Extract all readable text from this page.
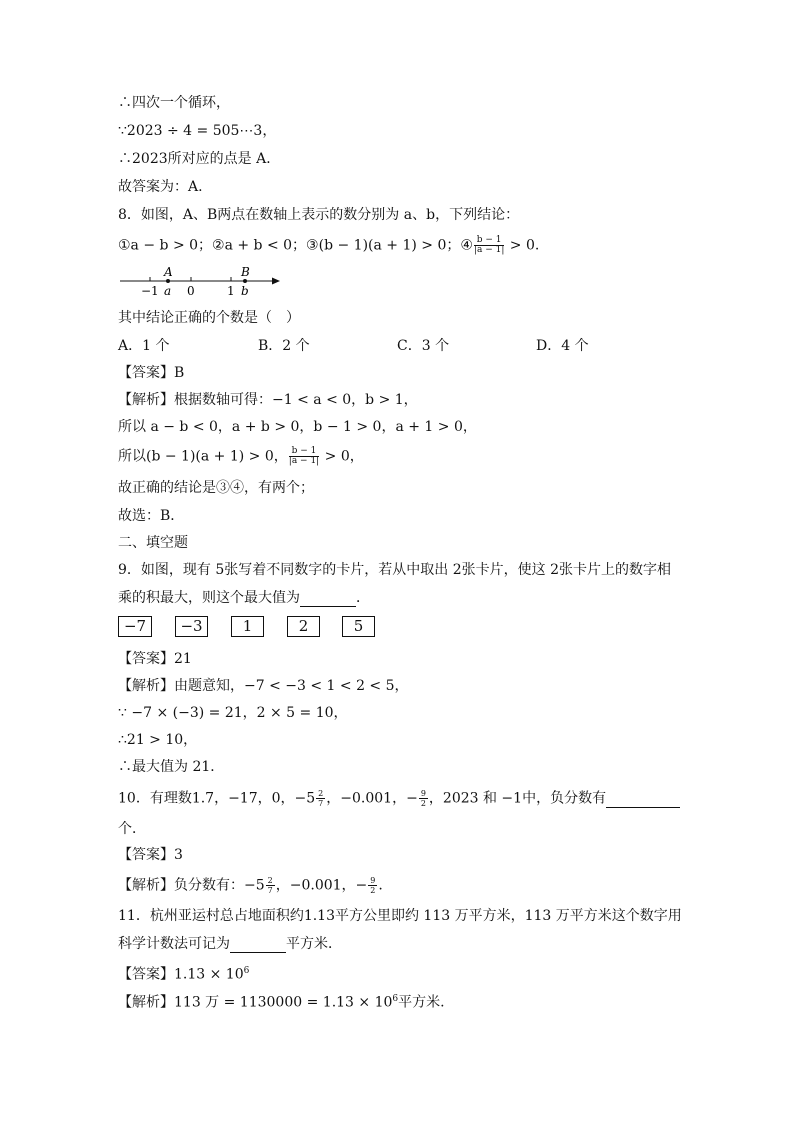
∴四次一个循环，
∵2023 ÷ 4 = 505⋯3，
∴2023所对应的点是 A．
故答案为：A.
8．如图，A、B两点在数轴上表示的数分别为 a、b，下列结论：
①a − b > 0；②a + b < 0；③(b − 1)(a + 1) > 0；④ $\frac{b - 1}{|a - 1|} > 0$.
A	B
−1 a 0	1 b
其中结论正确的个数是（　）
A．1 个	B．2 个	C．3 个	D．4 个
【答案】B
【解析】根据数轴可得：−1 < a < 0，b > 1，
所以 a − b < 0，a + b > 0，b − 1 > 0，a + 1 > 0，
所以(b − 1)(a + 1) > 0， $\frac{b - 1}{|a - 1|} > 0$，
故正确的结论是③④，有两个；
故选：B．
二、填空题
9．如图，现有 5张写着不同数字的卡片，若从中取出 2张卡片，使这 2张卡片上的数字相
乘的积最大，则这个最大值为	．
−7	−3	1	2	5
【答案】21
【解析】由题意知，−7 < −3 < 1 < 2 < 5，
∵ −7 × (−3) = 21，2 × 5 = 10，
∴21 > 10，
∴最大值为 21．
10．有理数1.7，−17，0，$-5 \frac{2}{7}$ ，−0.001，− $\frac{9}{2}$ ，2023 和 −1中，负分数有
个．
【答案】3
【解析】负分数有：$-5 \frac{2}{7}$ ，−0.001，− $\frac{9}{2}$ .
11．杭州亚运村总占地面积约1.13平方公里即约 113 万平方米，113 万平方米这个数字用
科学计数法可记为	平方米．
【答案】$1.13 \times 10^6$
【解析】113 万 = $1130000 = 1.13 \times 10^6$平方米.
